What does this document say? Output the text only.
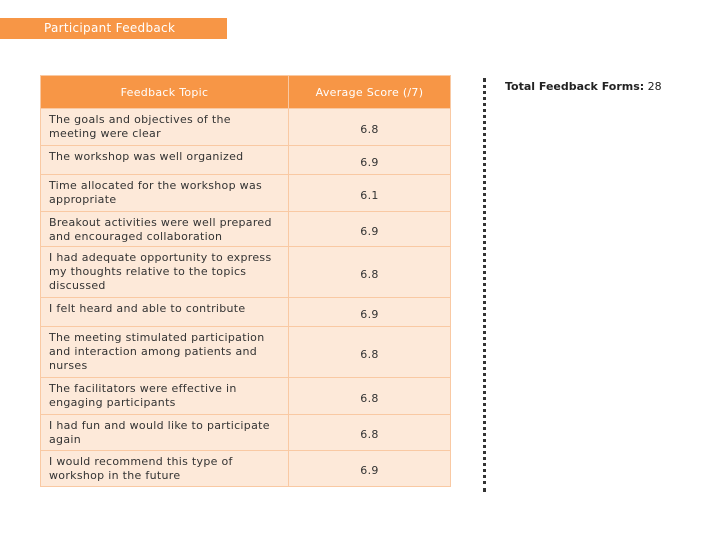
Participant Feedback
Feedback Topic	Average Score (/7)
The goals and objectives of the meeting were clear	6.8
The workshop was well organized	6.9
Time allocated for the workshop was appropriate	6.1
Breakout activities were well prepared and encouraged collaboration	6.9
I had adequate opportunity to express my thoughts relative to the topics discussed	6.8
I felt heard and able to contribute	6.9
The meeting stimulated participation and interaction among patients and nurses	6.8
The facilitators were effective in engaging participants	6.8
I had fun and would like to participate again	6.8
I would recommend this type of workshop in the future	6.9
Total Feedback Forms: 28
